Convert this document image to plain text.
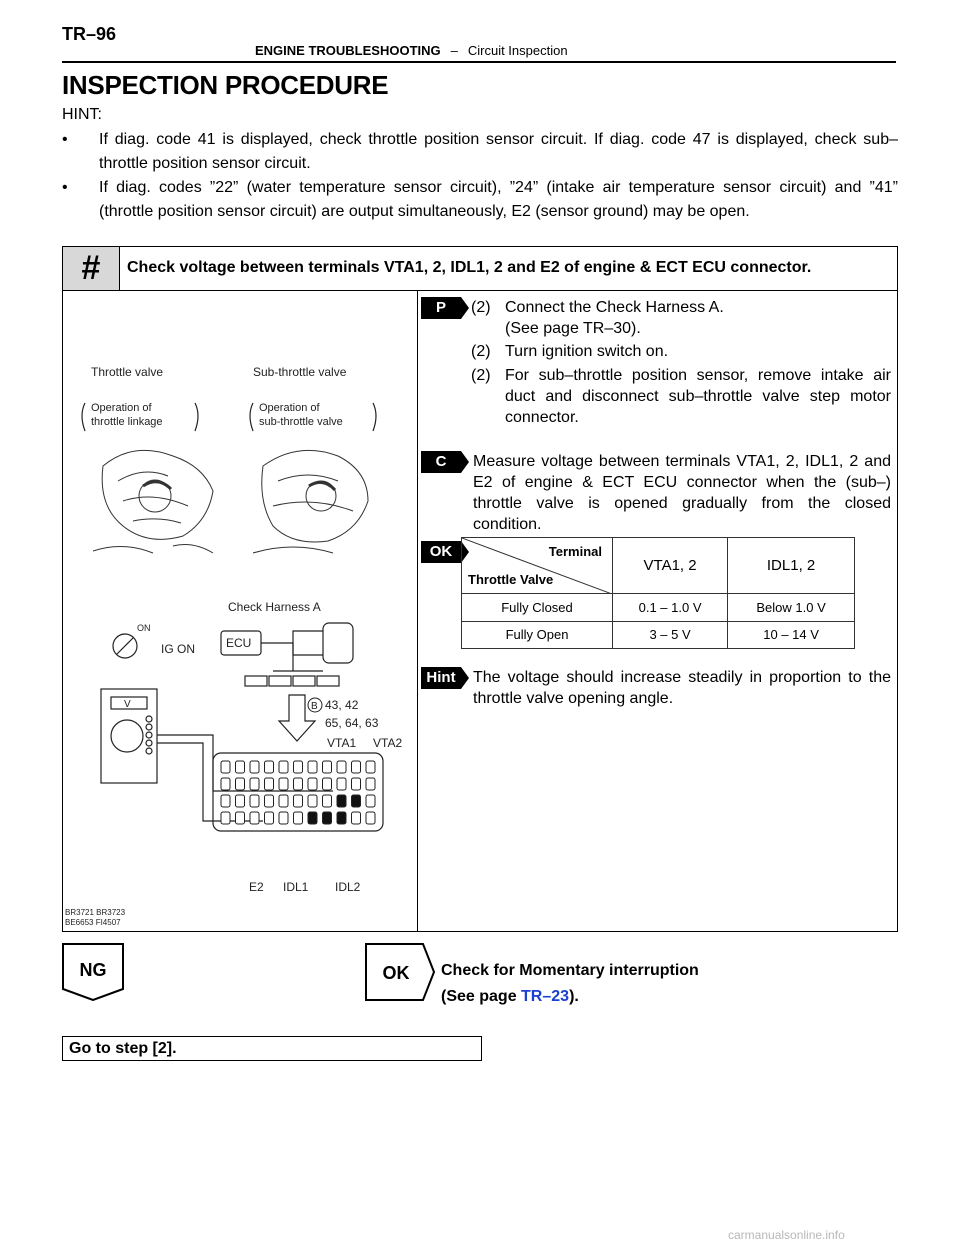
TR–96
ENGINE TROUBLESHOOTING – Circuit Inspection
INSPECTION PROCEDURE
HINT:
• If diag. code 41 is displayed, check throttle position sensor circuit. If diag. code 47 is displayed, check sub–throttle position sensor circuit.
• If diag. codes ”22” (water temperature sensor circuit), ”24” (intake air temperature sensor circuit) and ”41” (throttle position sensor circuit) are output simultaneously, E2 (sensor ground) may be open.
# Check voltage between terminals VTA1, 2, IDL1, 2 and E2 of engine & ECT ECU connector.
Throttle valve	Sub-throttle valve
Operation of
throttle linkage
Operation of
sub-throttle valve
Check Harness A
ECU
ON
IG ON
V	B 43, 42
65, 64, 63
VTA1 VTA2
E2 IDL1 IDL2
BR3721 BR3723
BE6653 FI4507
P
C
OK
Hint
(2) Connect the Check Harness A.
(See page TR–30).
(2) Turn ignition switch on.
(2) For sub–throttle position sensor, remove intake air duct and disconnect sub–throttle valve step motor connector.
Measure voltage between terminals VTA1, 2, IDL1, 2 and E2 of engine & ECT ECU connector when the (sub–) throttle valve is opened gradually from the closed condition.
Terminal
Throttle Valve	VTA1, 2	IDL1, 2
Fully Closed	0.1 – 1.0 V	Below 1.0 V
Fully Open	3 – 5 V	10 – 14 V
The voltage should increase steadily in proportion to the throttle valve opening angle.
NG	OK Check for Momentary interruption
(See page TR–23).
Go to step [2].
carmanualsonline.info
